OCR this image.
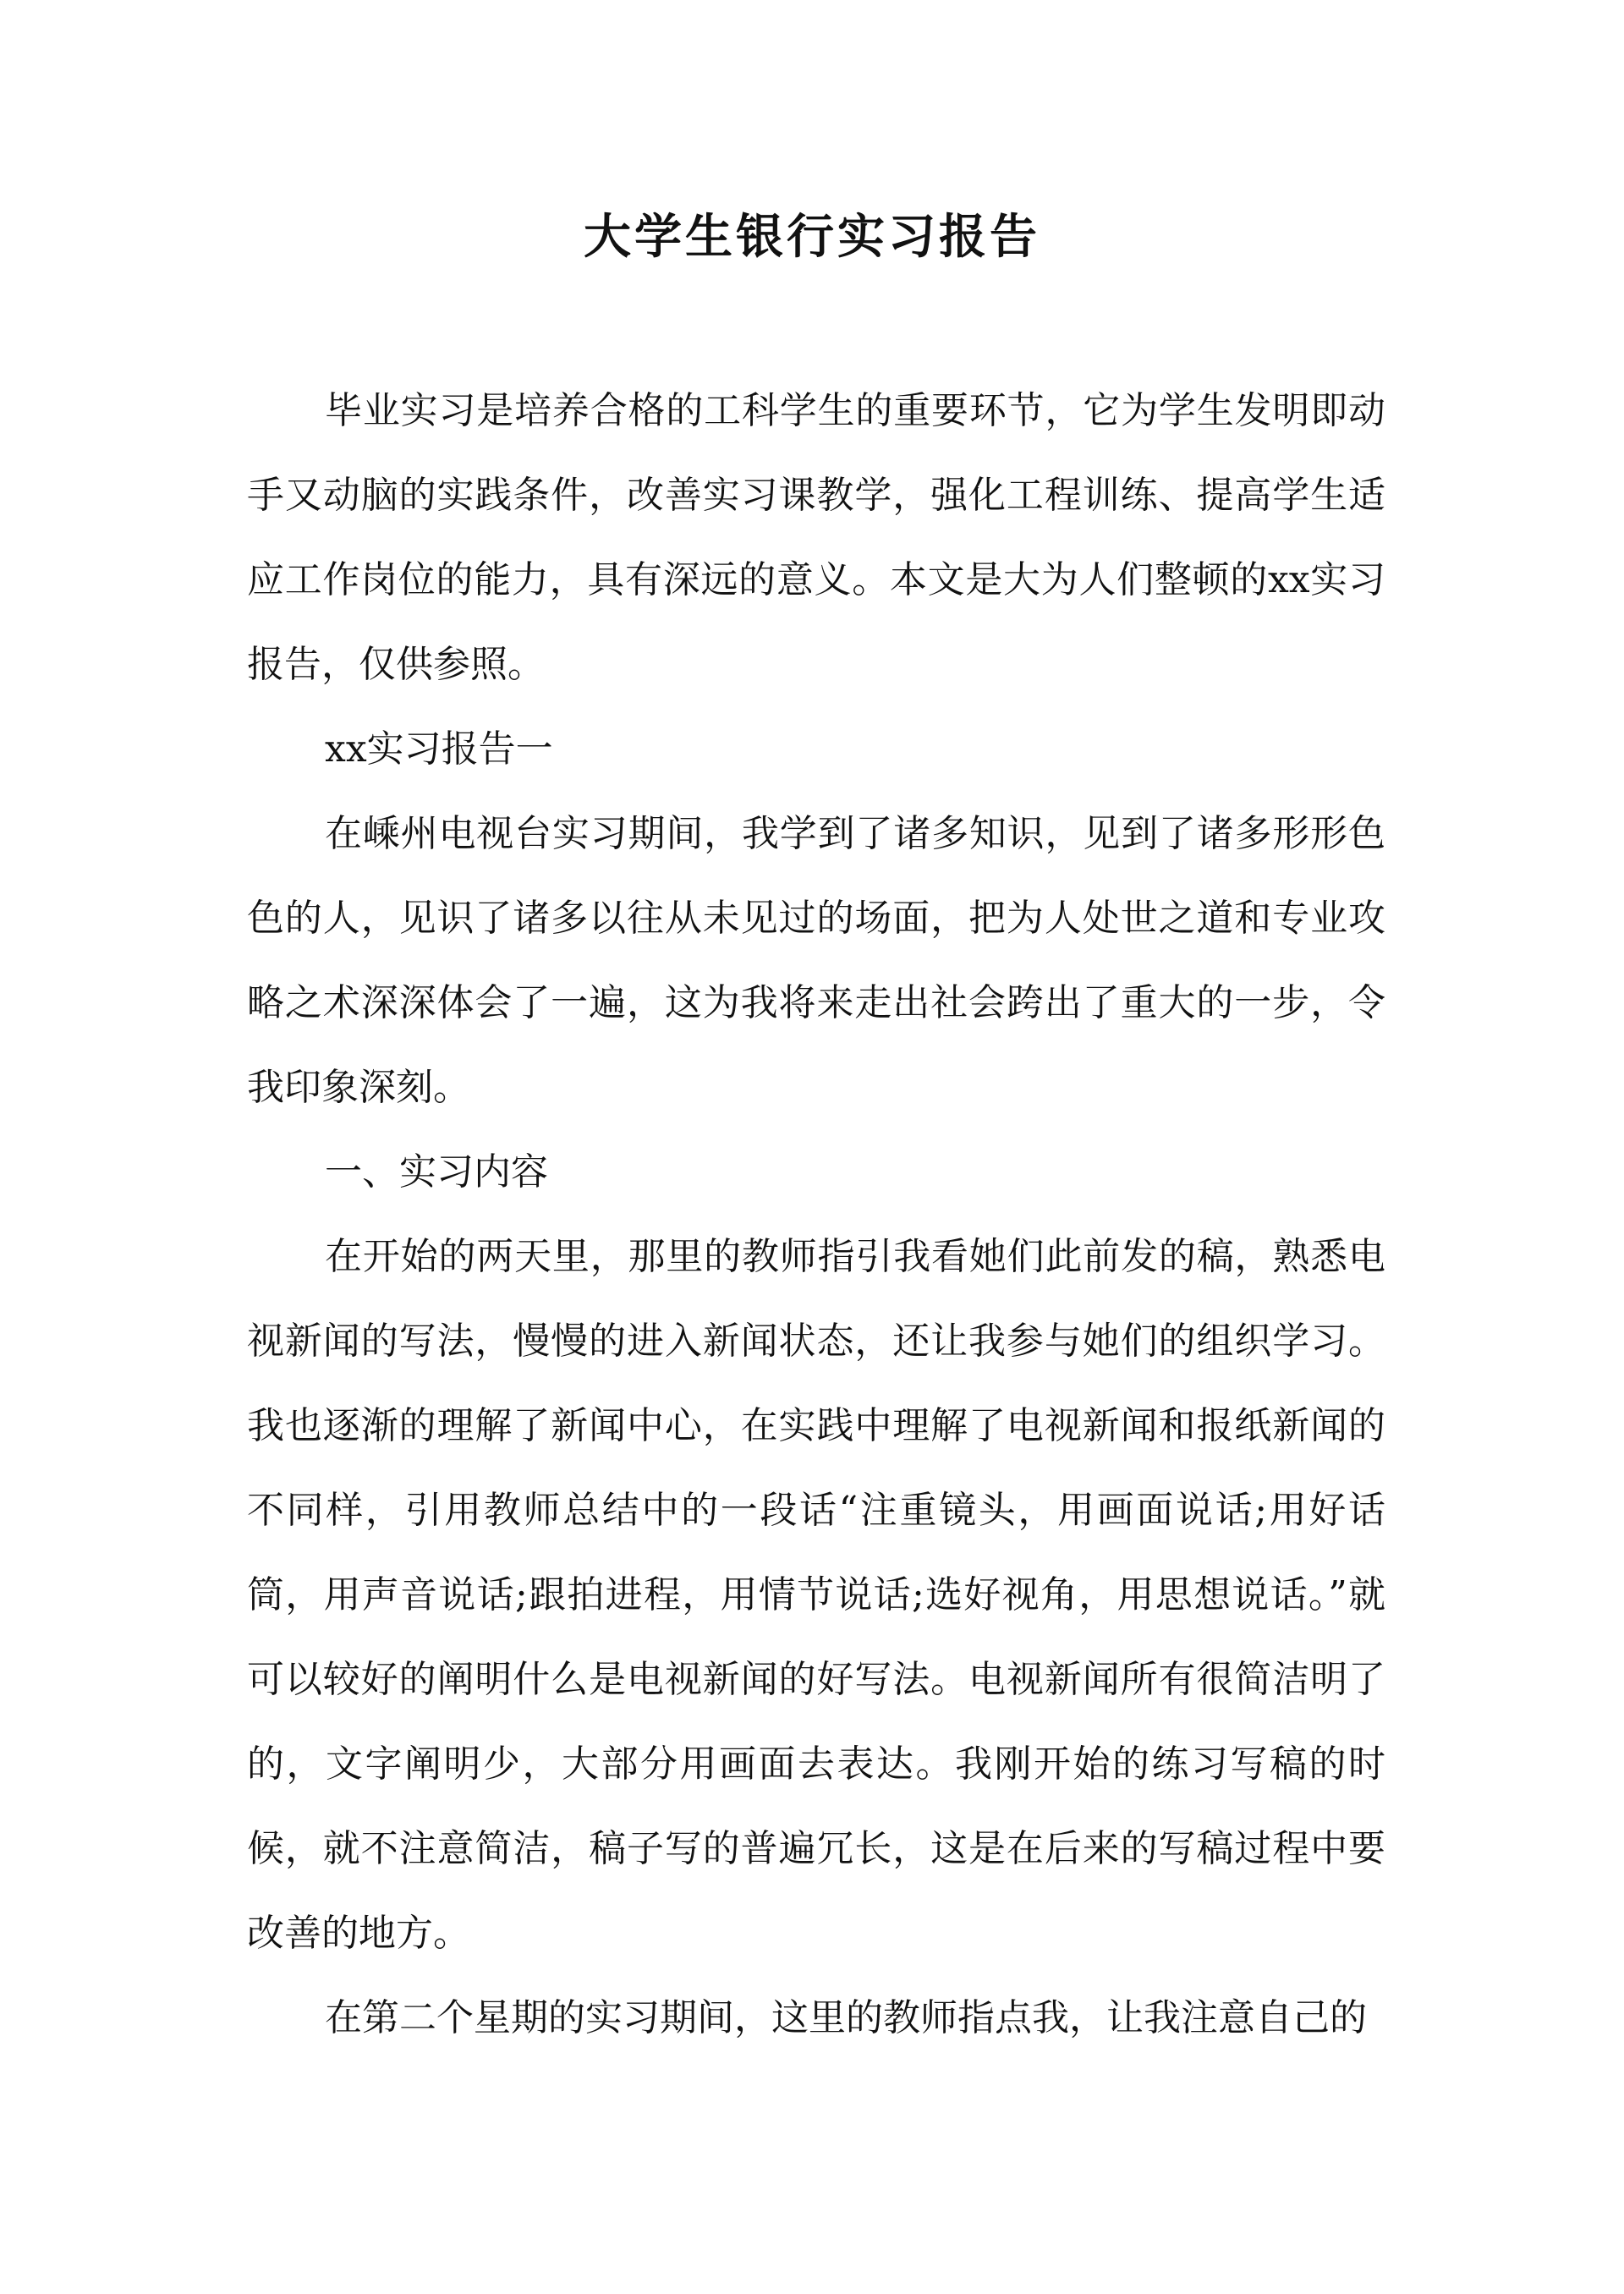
大学生银行实习报告

毕业实习是培养合格的工科学生的重要环节，它为学生发明即动手又动脑的实践条件，改善实习课教学，强化工程训练、提高学生适应工作岗位的能力，具有深远的意义。本文是大为人们整顿的xx实习报告，仅供参照。

xx实习报告一

在嵊州电视台实习期间，我学到了诸多知识，见到了诸多形形色色的人，见识了诸多以往从未见过的场面，把为人处世之道和专业攻略之术深深体会了一遍，这为我将来走出社会跨出了重大的一步，令我印象深刻。

一、实习内容

在开始的两天里，那里的教师指引我看她们此前发的稿，熟悉电视新闻的写法，慢慢的进入新闻状态，还让我参与她们的组织学习。我也逐渐的理解了新闻中心，在实践中理解了电视新闻和报纸新闻的不同样，引用教师总结中的一段话“注重镜头，用画面说话;用好话筒，用声音说话;跟拍进程，用情节说话;选好视角，用思想说话。”就可以较好的阐明什么是电视新闻的好写法。电视新闻所有很简洁明了的，文字阐明少，大部分用画面去表达。我刚开始的练习写稿的时候，就不注意简洁，稿子写的普遍冗长，这是在后来的写稿过程中要改善的地方。

在第二个星期的实习期间，这里的教师指点我，让我注意自己的
